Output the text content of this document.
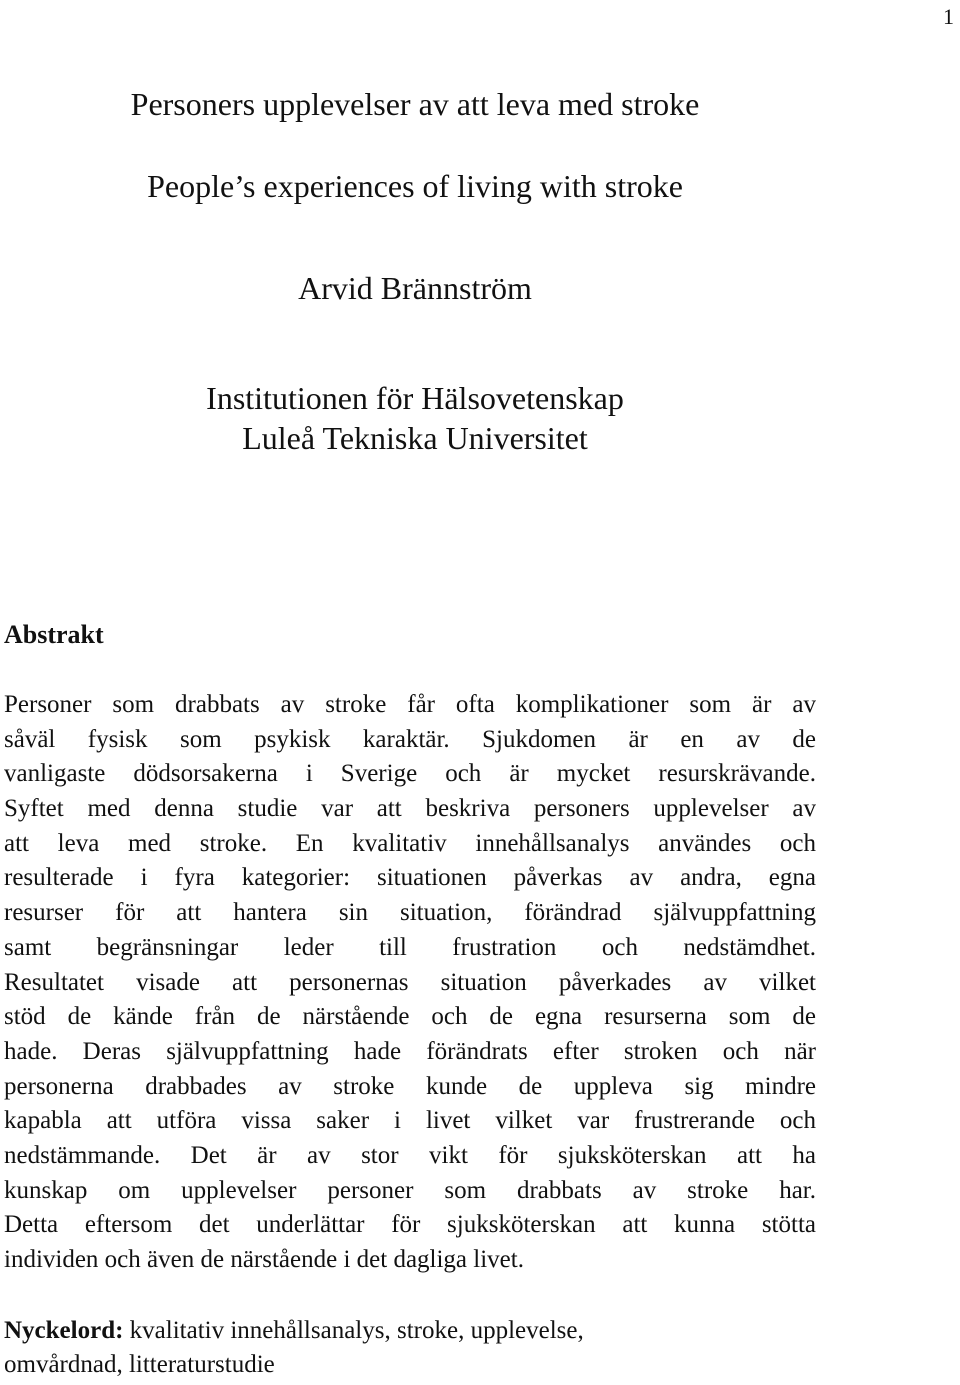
1
Personers upplevelser av att leva med stroke
People’s experiences of living with stroke
Arvid Brännström
Institutionen för Hälsovetenskap
Luleå Tekniska Universitet
Abstrakt
Personer som drabbats av stroke får ofta komplikationer som är av
såväl fysisk som psykisk karaktär. Sjukdomen är en av de
vanligaste dödsorsakerna i Sverige och är mycket resurskrävande.
Syftet med denna studie var att beskriva personers upplevelser av
att leva med stroke. En kvalitativ innehållsanalys användes och
resulterade i fyra kategorier: situationen påverkas av andra, egna
resurser för att hantera sin situation, förändrad självuppfattning
samt begränsningar leder till frustration och nedstämdhet.
Resultatet visade att personernas situation påverkades av vilket
stöd de kände från de närstående och de egna resurserna som de
hade. Deras självuppfattning hade förändrats efter stroken och när
personerna drabbades av stroke kunde de uppleva sig mindre
kapabla att utföra vissa saker i livet vilket var frustrerande och
nedstämmande. Det är av stor vikt för sjuksköterskan att ha
kunskap om upplevelser personer som drabbats av stroke har.
Detta eftersom det underlättar för sjuksköterskan att kunna stötta
individen och även de närstående i det dagliga livet.
Nyckelord: kvalitativ innehållsanalys, stroke, upplevelse,
omvårdnad, litteraturstudie
